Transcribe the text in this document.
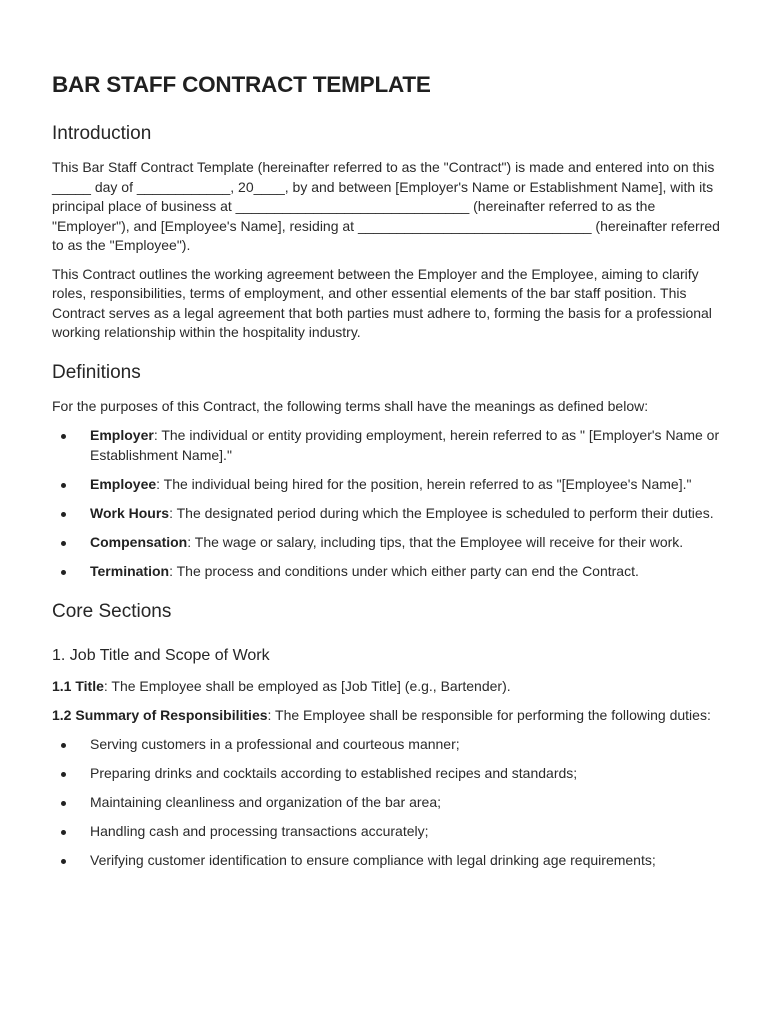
BAR STAFF CONTRACT TEMPLATE
Introduction

This Bar Staff Contract Template (hereinafter referred to as the "Contract") is made and entered into on this _____ day of ____________, 20____, by and between [Employer's Name or Establishment Name], with its principal place of business at ______________________________ (hereinafter referred to as the "Employer"), and [Employee's Name], residing at ______________________________ (hereinafter referred to as the "Employee").

This Contract outlines the working agreement between the Employer and the Employee, aiming to clarify roles, responsibilities, terms of employment, and other essential elements of the bar staff position. This Contract serves as a legal agreement that both parties must adhere to, forming the basis for a professional working relationship within the hospitality industry.

Definitions

For the purposes of this Contract, the following terms shall have the meanings as defined below:

Employer: The individual or entity providing employment, herein referred to as " [Employer's Name or Establishment Name]."
Employee: The individual being hired for the position, herein referred to as "[Employee's Name]."
Work Hours: The designated period during which the Employee is scheduled to perform their duties.
Compensation: The wage or salary, including tips, that the Employee will receive for their work.
Termination: The process and conditions under which either party can end the Contract.
Core Sections
1. Job Title and Scope of Work

1.1 Title: The Employee shall be employed as [Job Title] (e.g., Bartender).

1.2 Summary of Responsibilities: The Employee shall be responsible for performing the following duties:

Serving customers in a professional and courteous manner;
Preparing drinks and cocktails according to established recipes and standards;
Maintaining cleanliness and organization of the bar area;
Handling cash and processing transactions accurately;
Verifying customer identification to ensure compliance with legal drinking age requirements;
